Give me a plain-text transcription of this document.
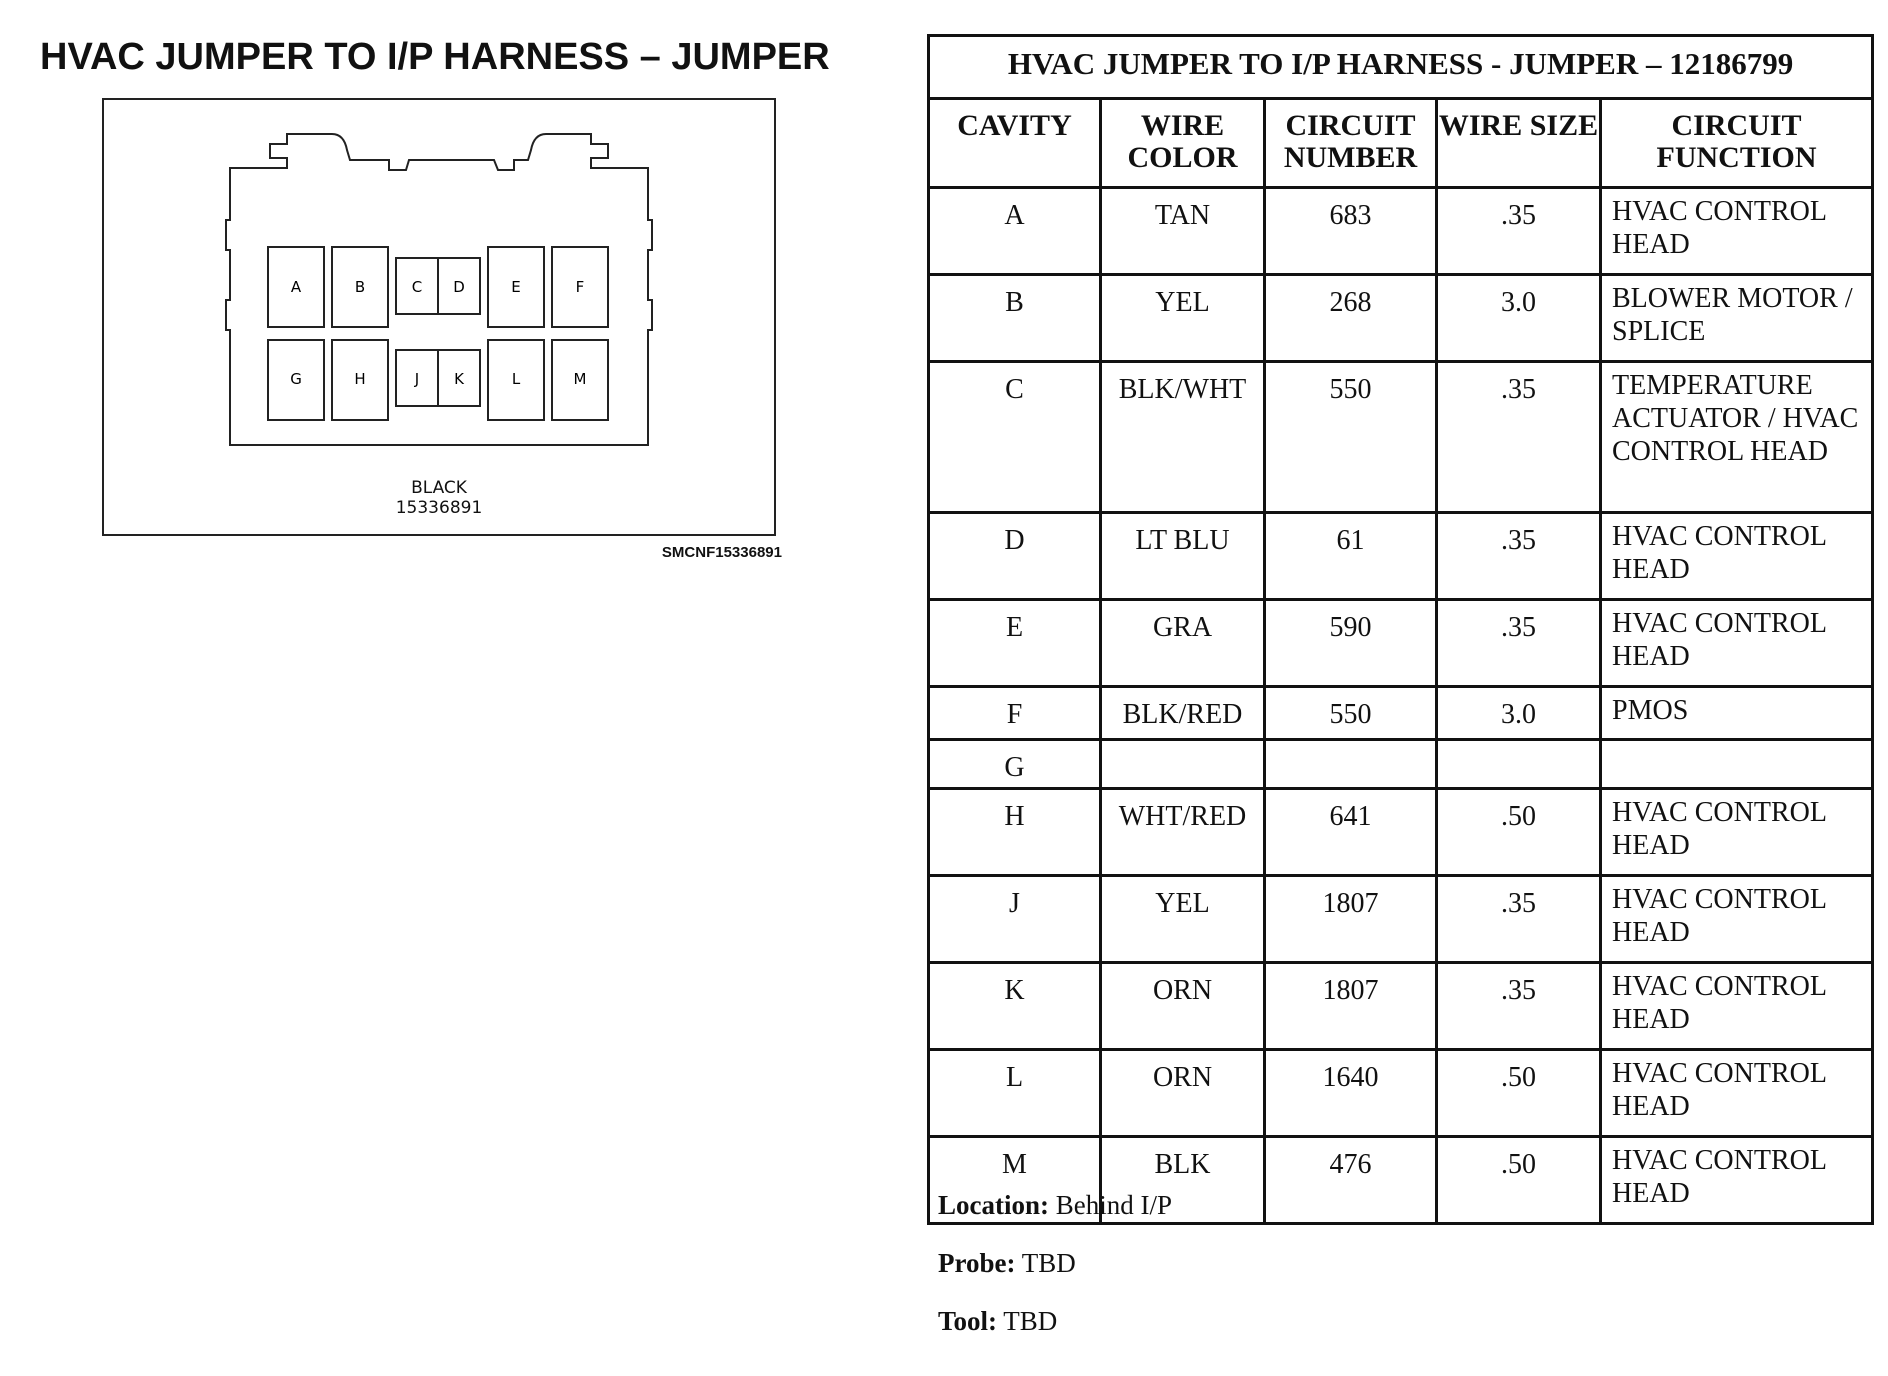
HVAC JUMPER TO I/P HARNESS – JUMPER
A	B	C D	E	F
G	H	J K	L	M
BLACK
15336891
SMCNF15336891
HVAC JUMPER TO I/P HARNESS - JUMPER – 12186799				
CAVITY	WIRE COLOR	CIRCUIT NUMBER	WIRE SIZE	CIRCUIT FUNCTION
A	TAN	683	.35	HVAC CONTROL HEAD
B	YEL	268	3.0	BLOWER MOTOR / SPLICE
C	BLK/WHT	550	.35	TEMPERATURE ACTUATOR / HVAC CONTROL HEAD
D	LT BLU	61	.35	HVAC CONTROL HEAD
E	GRA	590	.35	HVAC CONTROL HEAD
F	BLK/RED	550	3.0	PMOS
G				
H	WHT/RED	641	.50	HVAC CONTROL HEAD
J	YEL	1807	.35	HVAC CONTROL HEAD
K	ORN	1807	.35	HVAC CONTROL HEAD
L	ORN	1640	.50	HVAC CONTROL HEAD
M	BLK	476	.50	HVAC CONTROL HEAD
Location: Behind I/P
Probe: TBD
Tool: TBD
